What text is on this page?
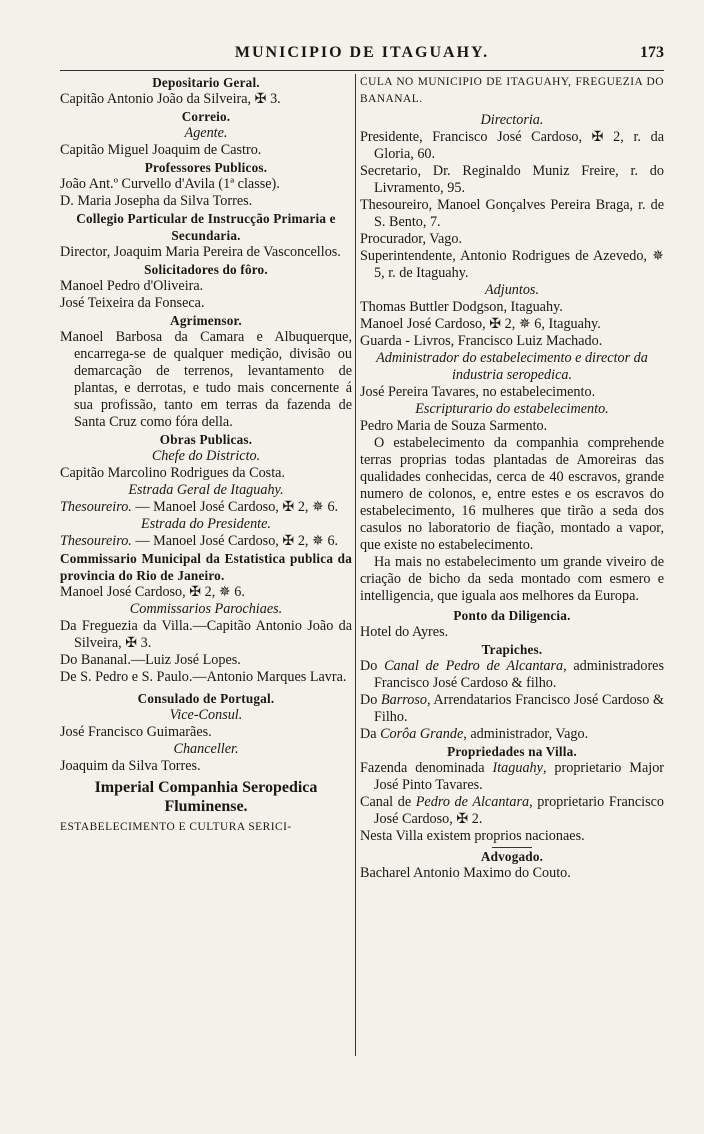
MUNICIPIO DE ITAGUAHY.	173
Depositario Geral.
Capitão Antonio João da Silveira, ✠ 3.
Correio.
Agente.
Capitão Miguel Joaquim de Castro.
Professores Publicos.
João Ant.º Curvello d'Avila (1ª classe).
D. Maria Josepha da Silva Torres.
Collegio Particular de Instrucção Primaria e Secundaria.
Director, Joaquim Maria Pereira de Vasconcellos.
Solicitadores do fôro.
Manoel Pedro d'Oliveira.
José Teixeira da Fonseca.
Agrimensor.
Manoel Barbosa da Camara e Albuquerque, encarrega-se de qualquer medição, divisão ou demarcação de terrenos, levantamento de plantas, e derrotas, e tudo mais concernente á sua profissão, tanto em terras da fazenda de Santa Cruz como fóra della.
Obras Publicas.
Chefe do Districto.
Capitão Marcolino Rodrigues da Costa.
Estrada Geral de Itaguahy.
Thesoureiro. — Manoel José Cardoso, ✠ 2, ✵ 6.
Estrada do Presidente.
Thesoureiro. — Manoel José Cardoso, ✠ 2, ✵ 6.
Commissario Municipal da Estatistica publica da provincia do Rio de Janeiro.
Manoel José Cardoso, ✠ 2, ✵ 6.
Commissarios Parochiaes.
Da Freguezia da Villa.—Capitão Antonio João da Silveira, ✠ 3.
Do Bananal.—Luiz José Lopes.
De S. Pedro e S. Paulo.—Antonio Marques Lavra.
Consulado de Portugal.
Vice-Consul.
José Francisco Guimarães.
Chanceller.
Joaquim da Silva Torres.
Imperial Companhia Seropedica Fluminense.
ESTABELECIMENTO E CULTURA SERICI-
CULA NO MUNICIPIO DE ITAGUAHY, FREGUEZIA DO BANANAL.
Directoria.
Presidente, Francisco José Cardoso, ✠ 2, r. da Gloria, 60.
Secretario, Dr. Reginaldo Muniz Freire, r. do Livramento, 95.
Thesoureiro, Manoel Gonçalves Pereira Braga, r. de S. Bento, 7.
Procurador, Vago.
Superintendente, Antonio Rodrigues de Azevedo, ✵ 5, r. de Itaguahy.
Adjuntos.
Thomas Buttler Dodgson, Itaguahy.
Manoel José Cardoso, ✠ 2, ✵ 6, Itaguahy.
Guarda - Livros, Francisco Luiz Machado.
Administrador do estabelecimento e director da industria seropedica.
José Pereira Tavares, no estabelecimento.
Escripturario do estabelecimento.
Pedro Maria de Souza Sarmento.
O estabelecimento da companhia comprehende terras proprias todas plantadas de Amoreiras das qualidades conhecidas, cerca de 40 escravos, grande numero de colonos, e, entre estes e os escravos do estabelecimento, 16 mulheres que tirão a seda dos casulos no laboratorio de fiação, montado a vapor, que existe no estabelecimento.
Ha mais no estabelecimento um grande viveiro de criação de bicho da seda montado com esmero e intelligencia, que iguala aos melhores da Europa.
Ponto da Diligencia.
Hotel do Ayres.
Trapiches.
Do Canal de Pedro de Alcantara, administradores Francisco José Cardoso & filho.
Do Barroso, Arrendatarios Francisco José Cardoso & Filho.
Da Corôa Grande, administrador, Vago.
Propriedades na Villa.
Fazenda denominada Itaguahy, proprietario Major José Pinto Tavares.
Canal de Pedro de Alcantara, proprietario Francisco José Cardoso, ✠ 2.
Nesta Villa existem proprios nacionaes.
Advogado.
Bacharel Antonio Maximo do Couto.
